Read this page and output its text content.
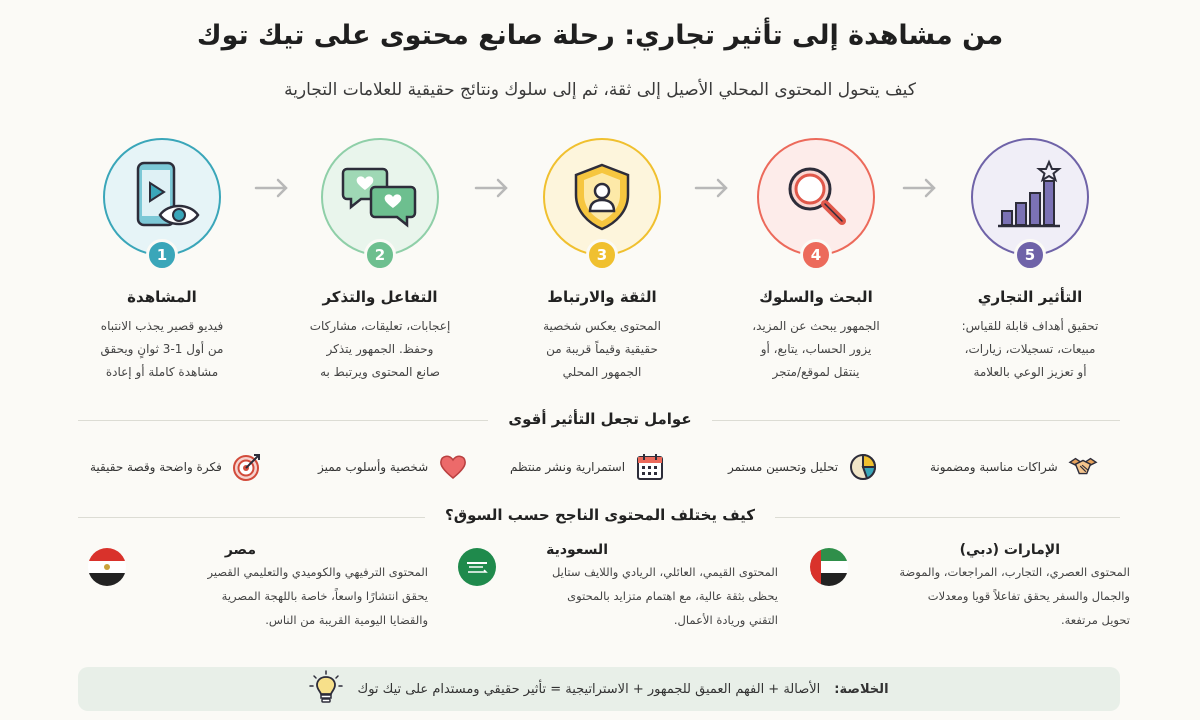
من مشاهدة إلى تأثير تجاري: رحلة صانع محتوى على تيك توك
كيف يتحول المحتوى المحلي الأصيل إلى ثقة، ثم إلى سلوك ونتائج حقيقية للعلامات التجارية
5
التأثير التجاري

تحقيق أهداف قابلة للقياس:
مبيعات، تسجيلات، زيارات،
أو تعزيز الوعي بالعلامة

4
البحث والسلوك

الجمهور يبحث عن المزيد،
يزور الحساب، يتابع، أو
ينتقل لموقع/متجر

3
الثقة والارتباط

المحتوى يعكس شخصية
حقيقية وقيماً قريبة من
الجمهور المحلي

2
التفاعل والتذكر

إعجابات، تعليقات، مشاركات
وحفظ. الجمهور يتذكر
صانع المحتوى ويرتبط به

1
المشاهدة

فيديو قصير يجذب الانتباه
من أول 1-3 ثوانٍ ويحقق
مشاهدة كاملة أو إعادة

عوامل تجعل التأثير أقوى
فكرة واضحة وقصة حقيقية	شخصية وأسلوب مميز	استمرارية ونشر منتظم	تحليل وتحسين مستمر	شراكات مناسبة ومضمونة
كيف يختلف المحتوى الناجح حسب السوق؟
الإمارات (دبي)

المحتوى العصري، التجارب، المراجعات، والموضة
والجمال والسفر يحقق تفاعلاً قويا ومعدلات
تحويل مرتفعة.

السعودية

المحتوى القيمي، العائلي، الريادي واللايف ستايل
يحظى بثقة عالية، مع اهتمام متزايد بالمحتوى
التقني وريادة الأعمال.

مصر

المحتوى الترفيهي والكوميدي والتعليمي القصير
يحقق انتشارًا واسعاً، خاصة باللهجة المصرية
والقضايا اليومية القريبة من الناس.

الخلاصة:
الأصالة + الفهم العميق للجمهور + الاستراتيجية = تأثير حقيقي ومستدام على تيك توك
